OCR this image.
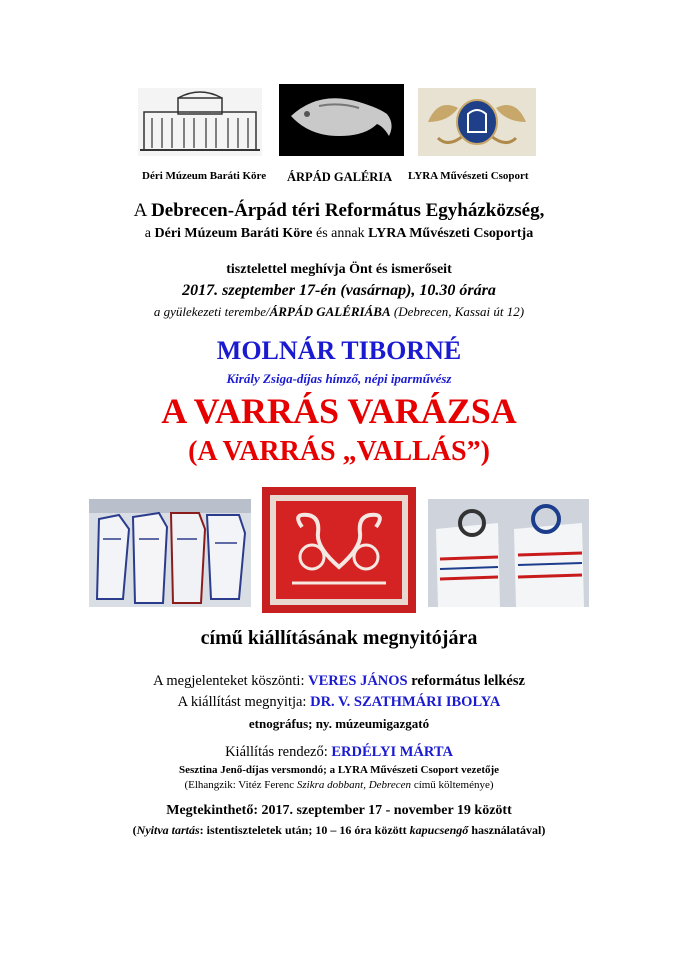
Déri Múzeum Baráti Köre ÁRPÁD GALÉRIA LYRA Művészeti Csoport
A Debrecen-Árpád téri Református Egyházközség,
a Déri Múzeum Baráti Köre és annak LYRA Művészeti Csoportja
tisztelettel meghívja Önt és ismerőseit
2017. szeptember 17-én (vasárnap), 10.30 órára
a gyülekezeti terembe/ÁRPÁD GALÉRIÁBA (Debrecen, Kassai út 12)
MOLNÁR TIBORNÉ
Király Zsiga-díjas hímző, népi iparművész
A VARRÁS VARÁZSA
(A VARRÁS „VALLÁS”)
című kiállításának megnyitójára
A megjelenteket köszönti: VERES JÁNOS református lelkész
A kiállítást megnyitja: DR. V. SZATHMÁRI IBOLYA
etnográfus; ny. múzeumigazgató
Kiállítás rendező: ERDÉLYI MÁRTA
Sesztina Jenő-díjas versmondó; a LYRA Művészeti Csoport vezetője
(Elhangzik: Vitéz Ferenc Szikra dobbant, Debrecen című költeménye)
Megtekinthető: 2017. szeptember 17 - november 19 között
(Nyitva tartás: istentiszteletek után; 10 – 16 óra között kapucsengő használatával)
